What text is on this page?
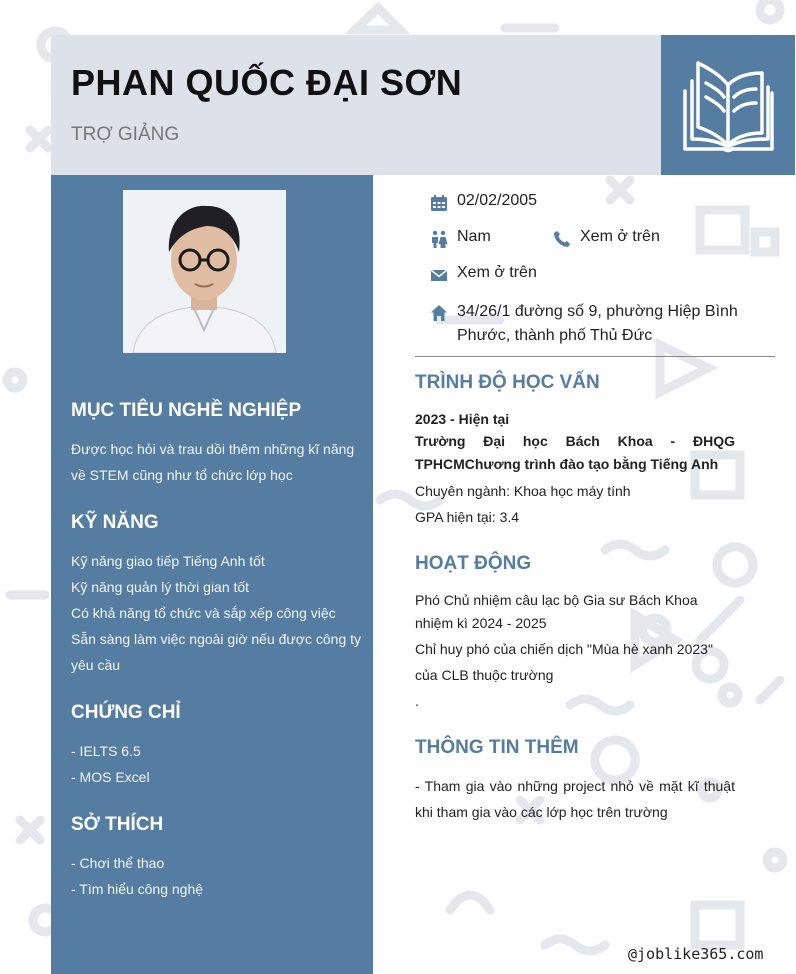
PHAN QUỐC ĐẠI SƠN

TRỢ GIẢNG

MỤC TIÊU NGHỀ NGHIỆP

Được học hỏi và trau dồi thêm những kĩ năng về STEM cũng như tổ chức lớp học

KỸ NĂNG
Kỹ năng giao tiếp Tiếng Anh tốt
Kỹ năng quản lý thời gian tốt
Có khả năng tổ chức và sắp xếp công việc
Sẵn sàng làm việc ngoài giờ nếu được công ty yêu cầu
CHỨNG CHỈ
- IELTS 6.5
- MOS Excel
SỞ THÍCH
- Chơi thể thao
- Tìm hiểu công nghệ
02/02/2005
Nam	Xem ở trên
Xem ở trên
34/26/1 đường số 9, phường Hiệp Bình Phước, thành phố Thủ Đức
TRÌNH ĐỘ HỌC VẤN
2023 - Hiện tại
Trường Đại học Bách Khoa - ĐHQG TPHCMChương trình đào tạo bằng Tiếng Anh
Chuyên ngành: Khoa học máy tính
GPA hiện tại: 3.4
HOẠT ĐỘNG
Phó Chủ nhiệm câu lạc bộ Gia sư Bách Khoa nhiệm kì 2024 - 2025
Chỉ huy phó của chiến dịch "Mùa hè xanh 2023" của CLB thuộc trường
.
THÔNG TIN THÊM
- Tham gia vào những project nhỏ về mặt kĩ thuật khi tham gia vào các lớp học trên trường
@joblike365.com
